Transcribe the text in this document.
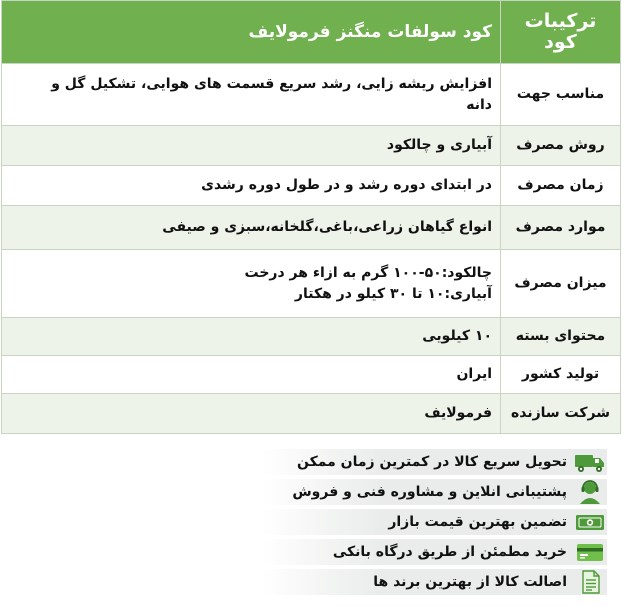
ترکیبات کود	کود سولفات منگنز فرمولایف
مناسب جهت	افزایش ریشه زایی، رشد سریع قسمت های هوایی، تشکیل گل و
دانه

روش مصرف	آبیاری و چالکود

زمان مصرف	در ابتدای دوره رشد و در طول دوره رشدی

موارد مصرف	انواع گیاهان زراعی،باغی،گلخانه،سبزی و صیفی

میزان مصرف	چالکود:۵۰-۱۰۰ گرم به ازاء هر درخت
آبیاری:۱۰ تا ۳۰ کیلو در هکتار

محتوای بسته	۱۰ کیلویی

تولید کشور	ایران

شرکت سازنده	فرمولایف
تحویل سریع کالا در کمترین زمان ممکن
پشتیبانی انلاین و مشاوره فنی و فروش
تضمین بهترین قیمت بازار
خرید مطمئن از طریق درگاه بانکی
اصالت کالا از بهترین برند ها
